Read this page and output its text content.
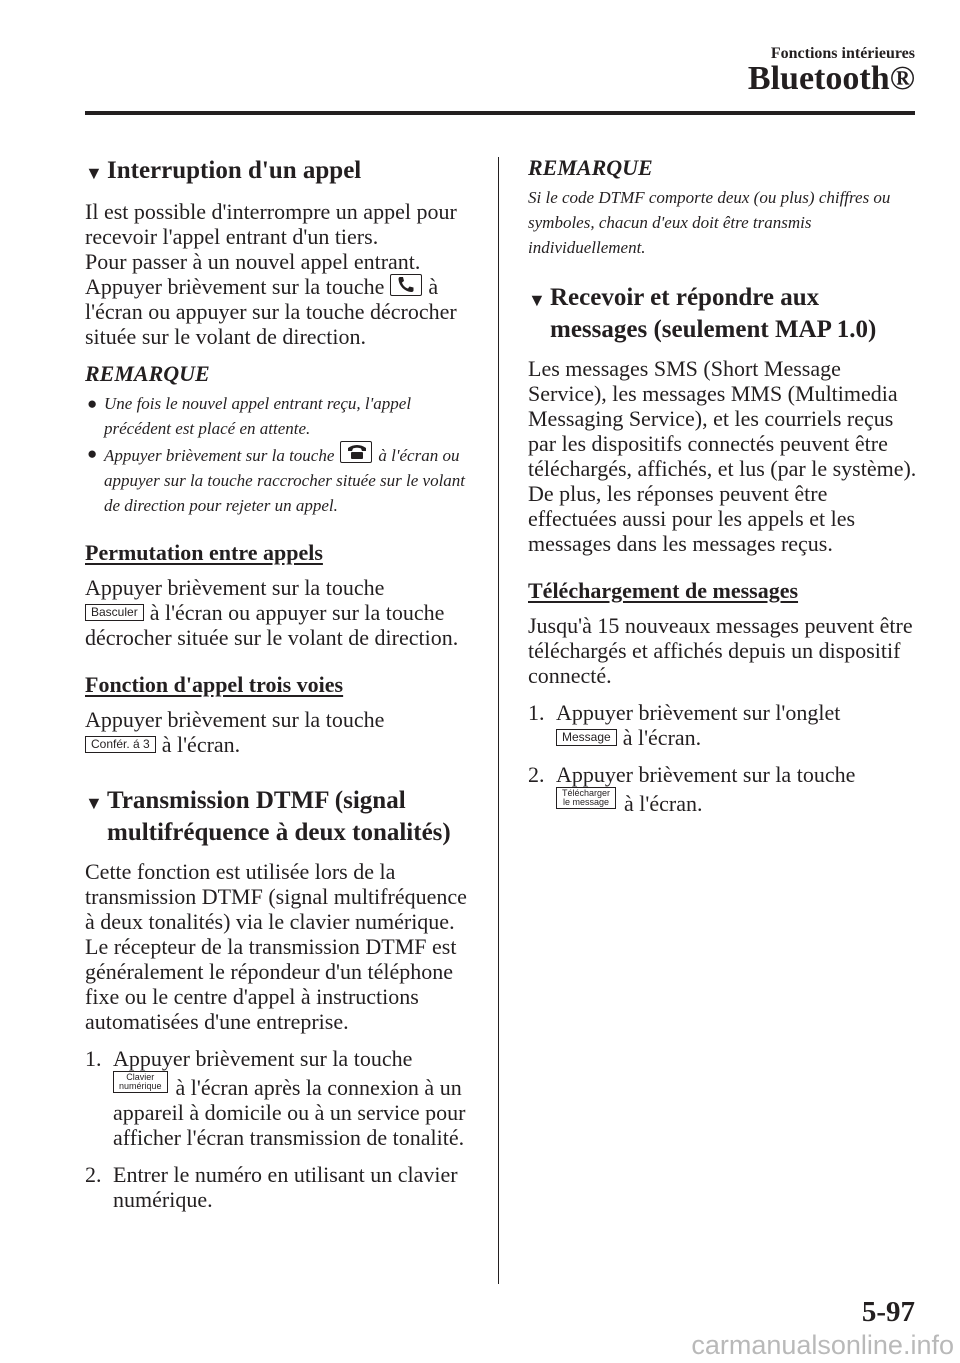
Fonctions intérieures
Bluetooth®
▼ Interruption d'un appel

Il est possible d'interrompre un appel pour recevoir l'appel entrant d'un tiers.

Pour passer à un nouvel appel entrant.

Appuyer brièvement sur la touche à l'écran ou appuyer sur la touche décrocher située sur le volant de direction.

REMARQUE
● Une fois le nouvel appel entrant reçu, l'appel précédent est placé en attente.
● Appuyer brièvement sur la touche	à l'écran ou appuyer sur la touche raccrocher située sur le volant de direction pour rejeter un appel.
Permutation entre appels

Appuyer brièvement sur la touche
Basculer à l'écran ou appuyer sur la touche décrocher située sur le volant de direction.

Fonction d'appel trois voies

Appuyer brièvement sur la touche
Confér. á 3 à l'écran.

▼ Transmission DTMF (signal multifréquence à deux tonalités)

Cette fonction est utilisée lors de la transmission DTMF (signal multifréquence à deux tonalités) via le clavier numérique. Le récepteur de la transmission DTMF est généralement le répondeur d'un téléphone fixe ou le centre d'appel à instructions automatisées d'une entreprise.

1. Appuyer brièvement sur la touche

Clavier
numérique à l'écran après la connexion à un appareil à domicile ou à un service pour afficher l'écran transmission de tonalité.
2. Entrer le numéro en utilisant un clavier numérique.
REMARQUE

Si le code DTMF comporte deux (ou plus) chiffres ou symboles, chacun d'eux doit être transmis individuellement.

▼ Recevoir et répondre aux messages (seulement MAP 1.0)

Les messages SMS (Short Message Service), les messages MMS (Multimedia Messaging Service), et les courriels reçus par les dispositifs connectés peuvent être téléchargés, affichés, et lus (par le système).

De plus, les réponses peuvent être effectuées aussi pour les appels et les messages dans les messages reçus.

Téléchargement de messages

Jusqu'à 15 nouveaux messages peuvent être téléchargés et affichés depuis un dispositif connecté.

1. Appuyer brièvement sur l'onglet
Message à l'écran.
2. Appuyer brièvement sur la touche

Télécharger
le message à l'écran.
5-97
carmanualsonline.info
